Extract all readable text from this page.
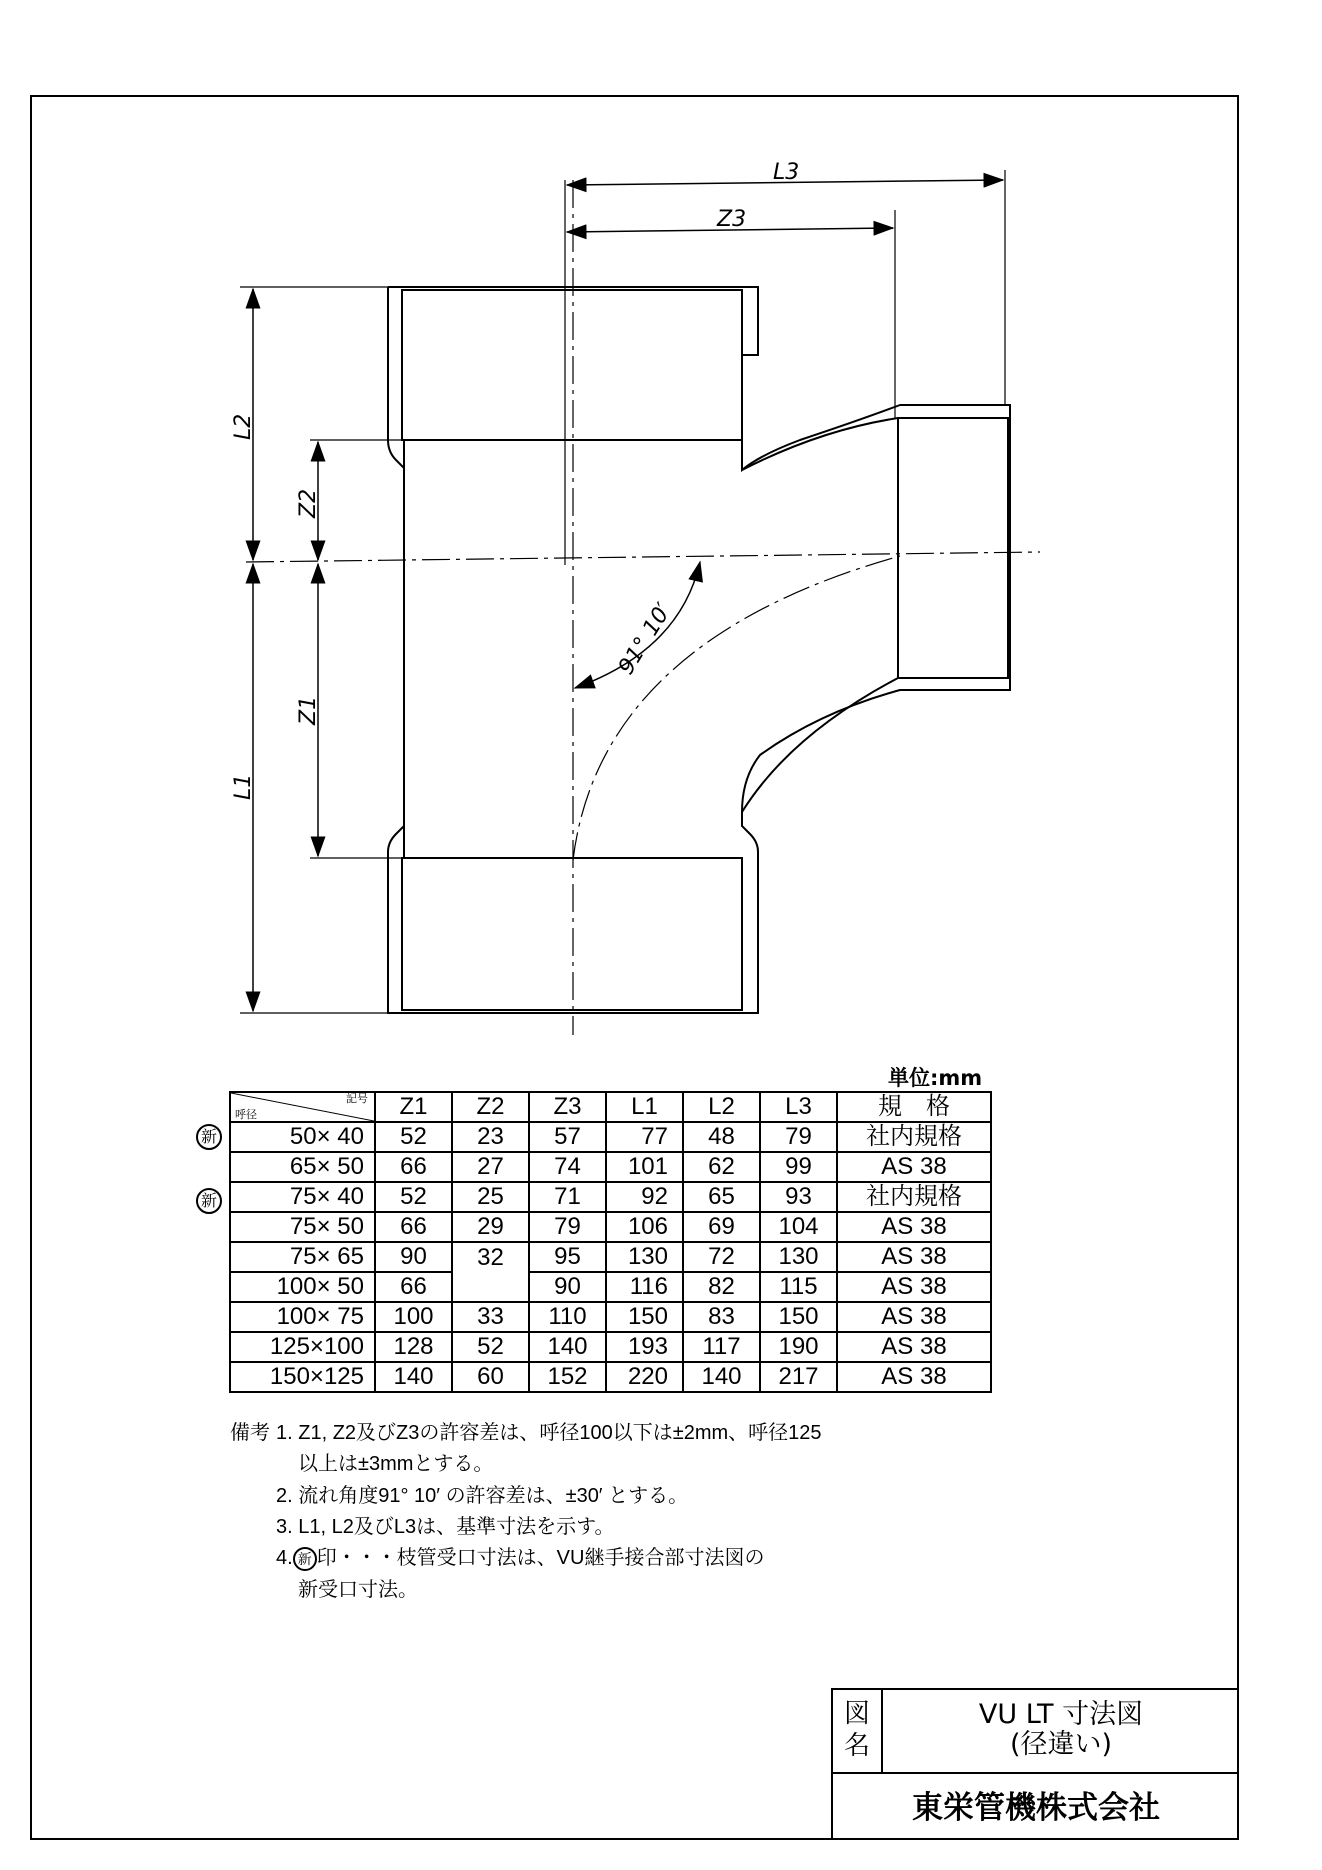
L3
Z3
L2
Z2
Z1
L1
91° 10′
単位:mm
記号
呼径	Z1	Z2	Z3	L1	L2	L3	規　格
50× 40	52	23	57	77	48	79	社内規格
65× 50	66	27	74	101	62	99	AS 38
75× 40	52	25	71	92	65	93	社内規格
75× 50	66	29	79	106	69	104	AS 38
75× 65	90	32	95	130	72	130	AS 38
100× 50	66		90	116	82	115	AS 38
100× 75	100	33	110	150	83	150	AS 38
125×100	128	52	140	193	117	190	AS 38
150×125	140	60	152	220	140	217	AS 38
新
新
備考 1. Z1, Z2及びZ3の許容差は、呼径100以下は±2mm、呼径125
以上は±3mmとする。
2. 流れ角度91° 10′ の許容差は、±30′ とする。
3. L1, L2及びL3は、基準寸法を示す。
4. 新 印・・・枝管受口寸法は、VU継手接合部寸法図の
新受口寸法。
図
名
VU LT 寸法図
(径違い)
東栄管機株式会社
